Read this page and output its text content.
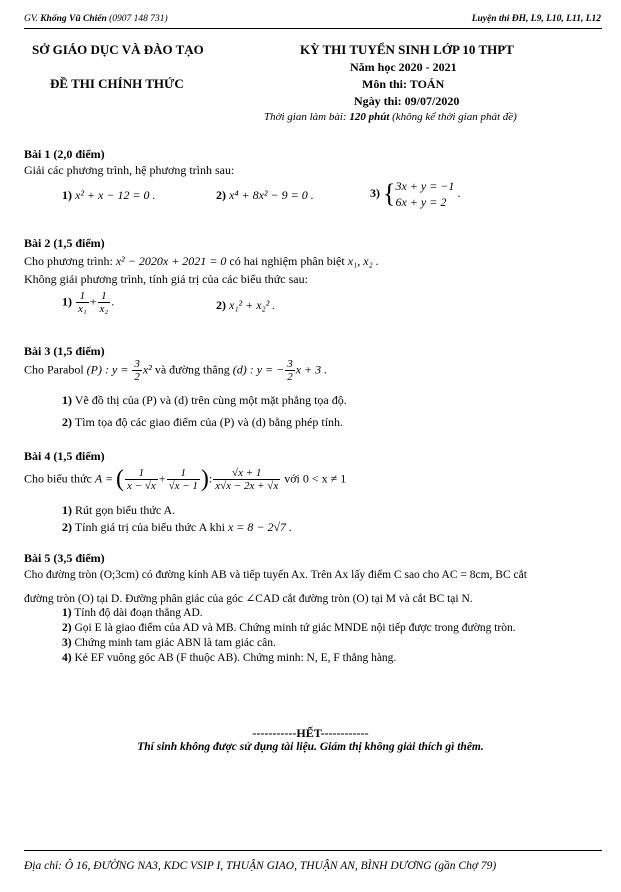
GV. Khổng Vũ Chiến (0907 148 731)	Luyện thi ĐH, L9, L10, L11, L12
SỞ GIÁO DỤC VÀ ĐÀO TẠO
ĐỀ THI CHÍNH THỨC
KỲ THI TUYỂN SINH LỚP 10 THPT
Năm học 2020 - 2021
Môn thi: TOÁN
Ngày thi: 09/07/2020
Thời gian làm bài: 120 phút (không kể thời gian phát đề)
Bài 1 (2,0 điểm)
Giải các phương trình, hệ phương trình sau:
1) x² + x − 12 = 0 .	2) x⁴ + 8x² − 9 = 0 .	3) { 3x + y = −1
6x + y = 2
.
Bài 2 (1,5 điểm)
Cho phương trình: x² − 2020x + 2021 = 0 có hai nghiệm phân biệt x₁, x₂ .
Không giải phương trình, tính giá trị của các biểu thức sau:
$1) \frac{1}{\text{x₁}} + \frac{1}{\text{x₂}}$ .	2) x₁² + x₂² .
Bài 3 (1,5 điểm)
Cho Parabol (P) : $y = \frac{3}{2} x^2$ và đường thẳng (d) : y = − $\frac{3}{2}$ x + 3 .
1) Vẽ đồ thị của (P) và (d) trên cùng một mặt phẳng tọa độ.
2) Tìm tọa độ các giao điểm của (P) và (d) bằng phép tính.
Bài 4 (1,5 điểm)
Cho biểu thức A = ( $\frac{1}{x - √x} + \frac{1}{√x - 1}$ ): $\frac{√x + 1}{x√x - 2x + √x}$ với 0 < x ≠ 1
1) Rút gọn biểu thức A.
2) Tính giá trị của biểu thức A khi x = 8 − 2√7 .
Bài 5 (3,5 điểm)
Cho đường tròn (O;3cm) có đường kính AB và tiếp tuyến Ax. Trên Ax lấy điểm C sao cho AC = 8cm, BC cắt
đường tròn (O) tại D. Đường phân giác của góc ∠CAD cắt đường tròn (O) tại M và cắt BC tại N.
1) Tính độ dài đoạn thẳng AD.
2) Gọi E là giao điểm của AD và MB. Chứng minh tứ giác MNDE nội tiếp được trong đường tròn.
3) Chứng minh tam giác ABN là tam giác cân.
4) Kẻ EF vuông góc AB (F thuộc AB). Chứng minh: N, E, F thẳng hàng.
-----------HẾT------------
Thí sinh không được sử dụng tài liệu. Giám thị không giải thích gì thêm.
Địa chỉ: Ô 16, ĐƯỜNG NA3, KDC VSIP I, THUẬN GIAO, THUẬN AN, BÌNH DƯƠNG (gần Chợ 79)
